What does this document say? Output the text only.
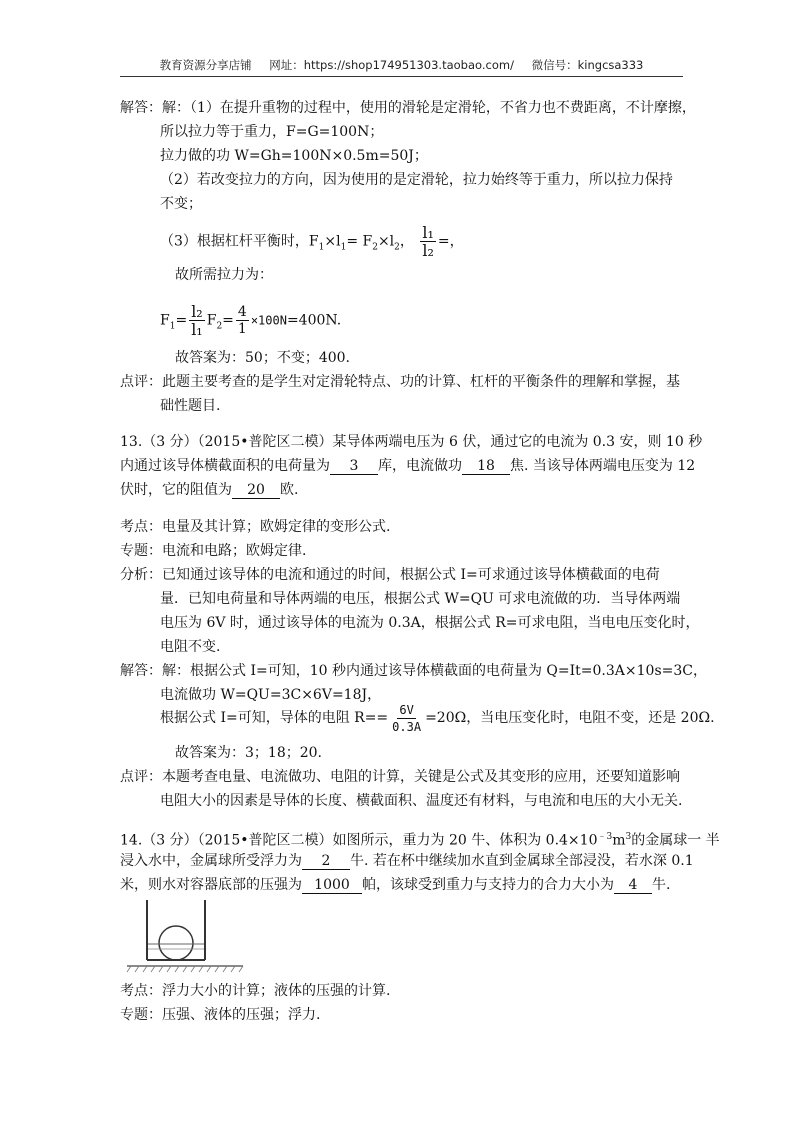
教育资源分享店铺 网址：https://shop174951303.taobao.com/ 微信号：kingcsa333
解答：解：（1）在提升重物的过程中，使用的滑轮是定滑轮，不省力也不费距离，不计摩擦，
所以拉力等于重力，F=G=100N；
拉力做的功 W=Gh=100N×0.5m=50J；
（2）若改变拉力的方向，因为使用的是定滑轮，拉力始终等于重力，所以拉力保持
不变；
（3）根据杠杆平衡时，$F_1\times l_1= F_2\times l_2$， $\frac{\text{l₁}}{\text{l₂}}$ =，
故所需拉力为：
$F_1= \frac{\text{l₂}}{\text{l₁}} F_2= \frac{4}{1} \times 100N=400N$.
故答案为：50；不变；400.
点评：此题主要考查的是学生对定滑轮特点、功的计算、杠杆的平衡条件的理解和掌握，基
础性题目.
13.（3 分）（2015•普陀区二模）某导体两端电压为 6 伏，通过它的电流为 0.3 安，则 10 秒
内通过该导体横截面积的电荷量为 3 库，电流做功 18 焦. 当该导体两端电压变为 12
伏时，它的阻值为 20 欧.
考点：电量及其计算；欧姆定律的变形公式.
专题：电流和电路；欧姆定律.
分析：已知通过该导体的电流和通过的时间，根据公式 I=可求通过该导体横截面的电荷
量．已知电荷量和导体两端的电压，根据公式 W=QU 可求电流做的功．当导体两端
电压为 6V 时，通过该导体的电流为 0.3A，根据公式 R=可求电阻，当电电压变化时，
电阻不变.
解答：解：根据公式 I=可知，10 秒内通过该导体横截面的电荷量为 Q=It=0.3A×10s=3C，
电流做功 W=QU=3C×6V=18J，
根据公式 I=可知，导体的电阻 $R== \frac{6V}{0.3A} =20\Omega$，当电压变化时，电阻不变，还是 20Ω.
故答案为：3；18；20.
点评：本题考查电量、电流做功、电阻的计算，关键是公式及其变形的应用，还要知道影响
电阻大小的因素是导体的长度、横截面积、温度还有材料，与电流和电压的大小无关.
14.（3 分）（2015•普陀区二模）如图所示，重力为 20 牛、体积为 $0.4\times 10^{﹣3}m^3$的金属球一 半
浸入水中，金属球所受浮力为 2 牛. 若在杯中继续加水直到金属球全部浸没，若水深 0.1
米，则水对容器底部的压强为 1000 帕，该球受到重力与支持力的合力大小为 4 牛.
考点：浮力大小的计算；液体的压强的计算.
专题：压强、液体的压强；浮力.
